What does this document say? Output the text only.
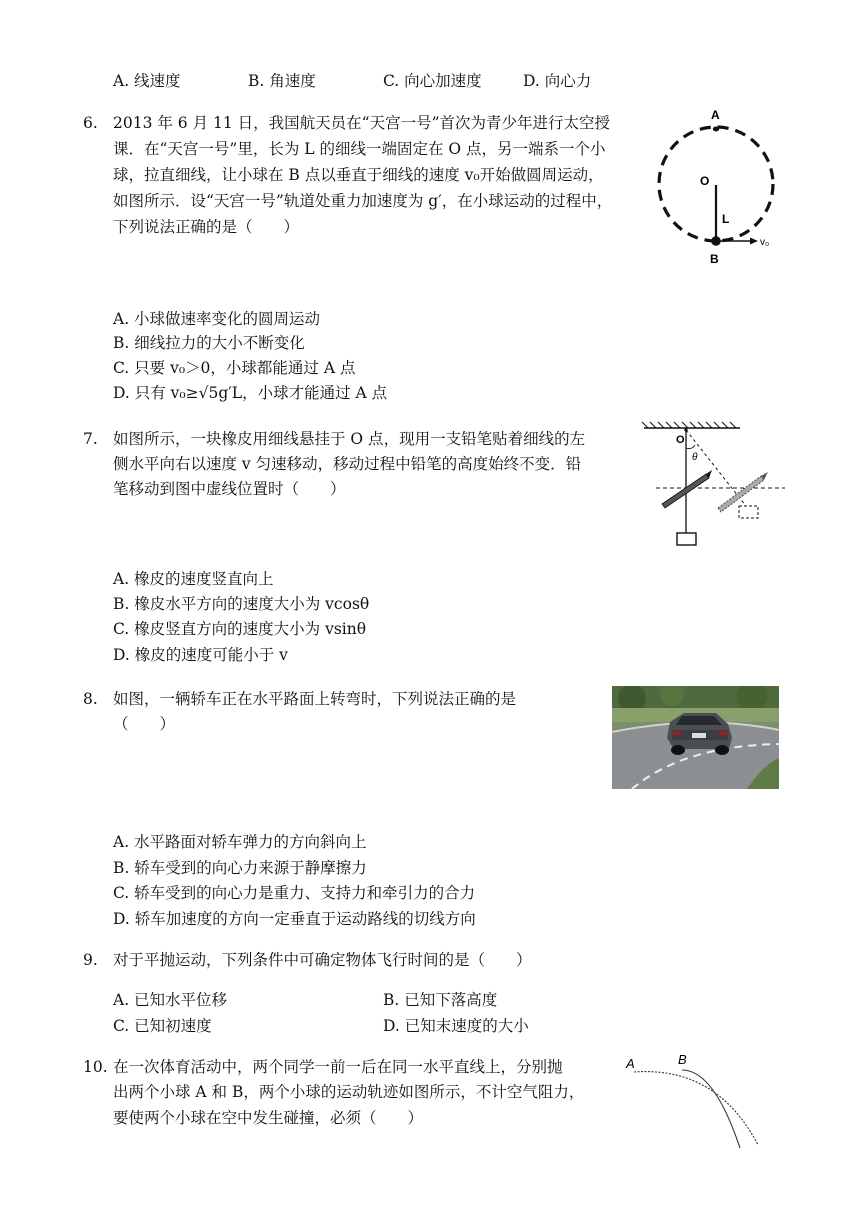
A. 线速度	B. 角速度	C. 向心加速度	D. 向心力
6. 2013 年 6 月 11 日，我国航天员在“天宫一号”首次为青少年进行太空授
课．在“天宫一号”里，长为 L 的细线一端固定在 O 点，另一端系一个小
球，拉直细线，让小球在 B 点以垂直于细线的速度 v₀开始做圆周运动，
如图所示．设“天宫一号”轨道处重力加速度为 g′，在小球运动的过程中，
下列说法正确的是（　　）
A
O
L
v₀
B
A. 小球做速率变化的圆周运动
B. 细线拉力的大小不断变化
C. 只要 v₀＞0，小球都能通过 A 点
D. 只有 v₀≥√5g′L，小球才能通过 A 点
7. 如图所示，一块橡皮用细线悬挂于 O 点，现用一支铅笔贴着细线的左
侧水平向右以速度 v 匀速移动，移动过程中铅笔的高度始终不变．铅
笔移动到图中虚线位置时（　　）
O
θ
A. 橡皮的速度竖直向上
B. 橡皮水平方向的速度大小为 vcosθ
C. 橡皮竖直方向的速度大小为 vsinθ
D. 橡皮的速度可能小于 v
8. 如图，一辆轿车正在水平路面上转弯时，下列说法正确的是
（　　）
A. 水平路面对轿车弹力的方向斜向上
B. 轿车受到的向心力来源于静摩擦力
C. 轿车受到的向心力是重力、支持力和牵引力的合力
D. 轿车加速度的方向一定垂直于运动路线的切线方向
9. 对于平抛运动，下列条件中可确定物体飞行时间的是（　　）
A. 已知水平位移	B. 已知下落高度
C. 已知初速度	D. 已知末速度的大小
10. 在一次体育活动中，两个同学一前一后在同一水平直线上，分别抛
出两个小球 A 和 B，两个小球的运动轨迹如图所示，不计空气阻力，
要使两个小球在空中发生碰撞，必须（　　）
A	B
